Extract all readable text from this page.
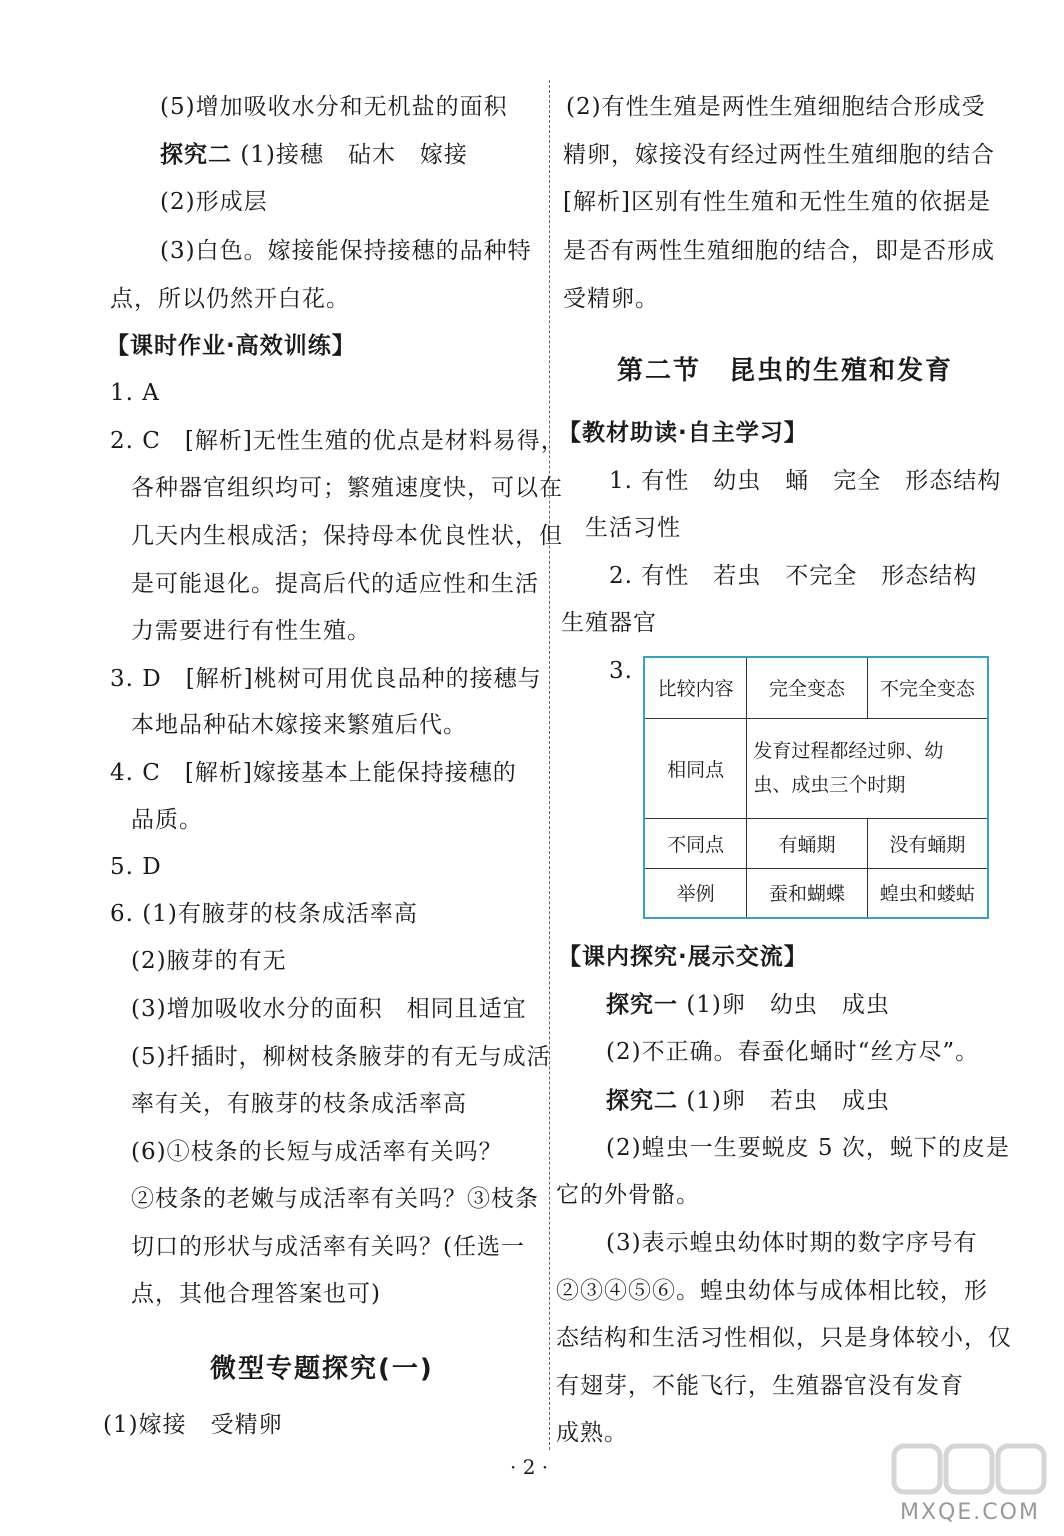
(5)增加吸收水分和无机盐的面积
探究二 (1)接穗　砧木　嫁接
(2)形成层
(3)白色。嫁接能保持接穗的品种特
点，所以仍然开白花。
【课时作业·高效训练】
1. A
2. C　[解析]无性生殖的优点是材料易得，
各种器官组织均可；繁殖速度快，可以在
几天内生根成活；保持母本优良性状，但
是可能退化。提高后代的适应性和生活
力需要进行有性生殖。
3. D　[解析]桃树可用优良品种的接穗与
本地品种砧木嫁接来繁殖后代。
4. C　[解析]嫁接基本上能保持接穗的
品质。
5. D
6. (1)有腋芽的枝条成活率高
(2)腋芽的有无
(3)增加吸收水分的面积　相同且适宜
(5)扦插时，柳树枝条腋芽的有无与成活
率有关，有腋芽的枝条成活率高
(6)①枝条的长短与成活率有关吗？
②枝条的老嫩与成活率有关吗？③枝条
切口的形状与成活率有关吗？(任选一
点，其他合理答案也可)
微型专题探究(一)
(1)嫁接　受精卵
(2)有性生殖是两性生殖细胞结合形成受
精卵，嫁接没有经过两性生殖细胞的结合
[解析]区别有性生殖和无性生殖的依据是
是否有两性生殖细胞的结合，即是否形成
受精卵。
第二节　昆虫的生殖和发育
【教材助读·自主学习】
1. 有性　幼虫　蛹　完全　形态结构
生活习性
2. 有性　若虫　不完全　形态结构
生殖器官
3.
比较内容	完全变态	不完全变态
相同点	发育过程都经过卵、幼虫、成虫三个时期	
不同点	有蛹期	没有蛹期
举例	蚕和蝴蝶	蝗虫和蝼蛄
【课内探究·展示交流】
探究一 (1)卵　幼虫　成虫
(2)不正确。春蚕化蛹时“丝方尽”。
探究二 (1)卵　若虫　成虫
(2)蝗虫一生要蜕皮 5 次，蜕下的皮是
它的外骨骼。
(3)表示蝗虫幼体时期的数字序号有
②③④⑤⑥。蝗虫幼体与成体相比较，形
态结构和生活习性相似，只是身体较小，仅
有翅芽，不能飞行，生殖器官没有发育
成熟。
· 2 ·
MXQE.COM
